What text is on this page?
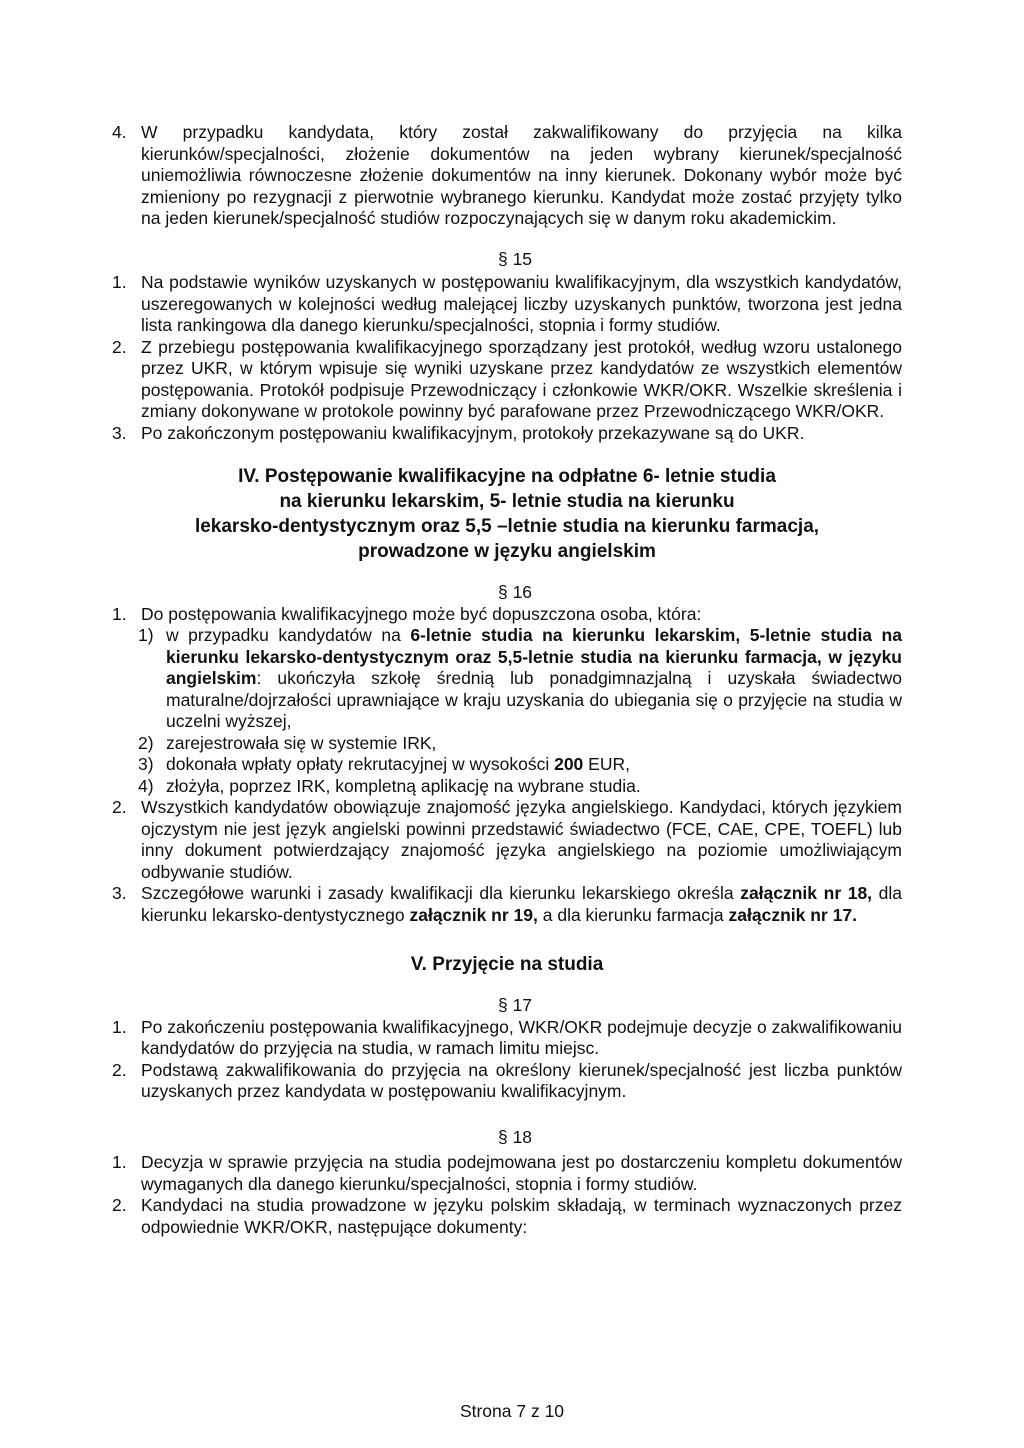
4. W przypadku kandydata, który został zakwalifikowany do przyjęcia na kilka kierunków/specjalności, złożenie dokumentów na jeden wybrany kierunek/specjalność uniemożliwia równoczesne złożenie dokumentów na inny kierunek. Dokonany wybór może być zmieniony po rezygnacji z pierwotnie wybranego kierunku. Kandydat może zostać przyjęty tylko na jeden kierunek/specjalność studiów rozpoczynających się w danym roku akademickim.
§ 15
1. Na podstawie wyników uzyskanych w postępowaniu kwalifikacyjnym, dla wszystkich kandydatów, uszeregowanych w kolejności według malejącej liczby uzyskanych punktów, tworzona jest jedna lista rankingowa dla danego kierunku/specjalności, stopnia i formy studiów.
2. Z przebiegu postępowania kwalifikacyjnego sporządzany jest protokół, według wzoru ustalonego przez UKR, w którym wpisuje się wyniki uzyskane przez kandydatów ze wszystkich elementów postępowania. Protokół podpisuje Przewodniczący i członkowie WKR/OKR. Wszelkie skreślenia i zmiany dokonywane w protokole powinny być parafowane przez Przewodniczącego WKR/OKR.
3. Po zakończonym postępowaniu kwalifikacyjnym, protokoły przekazywane są do UKR.
IV. Postępowanie kwalifikacyjne na odpłatne 6- letnie studia
na kierunku lekarskim, 5- letnie studia na kierunku
lekarsko-dentystycznym oraz 5,5 –letnie studia na kierunku farmacja,
prowadzone w języku angielskim
§ 16
1. Do postępowania kwalifikacyjnego może być dopuszczona osoba, która:
1) w przypadku kandydatów na 6-letnie studia na kierunku lekarskim, 5-letnie studia na kierunku lekarsko-dentystycznym oraz 5,5-letnie studia na kierunku farmacja, w języku angielskim: ukończyła szkołę średnią lub ponadgimnazjalną i uzyskała świadectwo maturalne/dojrzałości uprawniające w kraju uzyskania do ubiegania się o przyjęcie na studia w uczelni wyższej,
2) zarejestrowała się w systemie IRK,
3) dokonała wpłaty opłaty rekrutacyjnej w wysokości 200 EUR,
4) złożyła, poprzez IRK, kompletną aplikację na wybrane studia.
2. Wszystkich kandydatów obowiązuje znajomość języka angielskiego. Kandydaci, których językiem ojczystym nie jest język angielski powinni przedstawić świadectwo (FCE, CAE, CPE, TOEFL) lub inny dokument potwierdzający znajomość języka angielskiego na poziomie umożliwiającym odbywanie studiów.
3. Szczegółowe warunki i zasady kwalifikacji dla kierunku lekarskiego określa załącznik nr 18, dla kierunku lekarsko-dentystycznego załącznik nr 19, a dla kierunku farmacja załącznik nr 17.
V. Przyjęcie na studia
§ 17
1. Po zakończeniu postępowania kwalifikacyjnego, WKR/OKR podejmuje decyzje o zakwalifikowaniu kandydatów do przyjęcia na studia, w ramach limitu miejsc.
2. Podstawą zakwalifikowania do przyjęcia na określony kierunek/specjalność jest liczba punktów uzyskanych przez kandydata w postępowaniu kwalifikacyjnym.
§ 18
1. Decyzja w sprawie przyjęcia na studia podejmowana jest po dostarczeniu kompletu dokumentów wymaganych dla danego kierunku/specjalności, stopnia i formy studiów.
2. Kandydaci na studia prowadzone w języku polskim składają, w terminach wyznaczonych przez odpowiednie WKR/OKR, następujące dokumenty:
Strona 7 z 10
